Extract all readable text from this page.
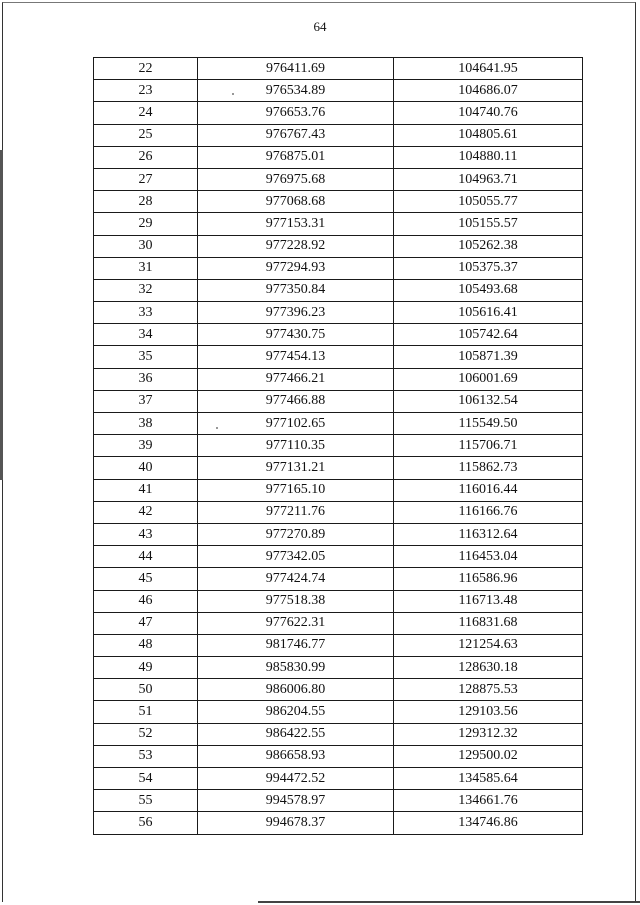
64
22	976411.69	104641.95
23	976534.89	104686.07
24	976653.76	104740.76
25	976767.43	104805.61
26	976875.01	104880.11
27	976975.68	104963.71
28	977068.68	105055.77
29	977153.31	105155.57
30	977228.92	105262.38
31	977294.93	105375.37
32	977350.84	105493.68
33	977396.23	105616.41
34	977430.75	105742.64
35	977454.13	105871.39
36	977466.21	106001.69
37	977466.88	106132.54
38	977102.65	115549.50
39	977110.35	115706.71
40	977131.21	115862.73
41	977165.10	116016.44
42	977211.76	116166.76
43	977270.89	116312.64
44	977342.05	116453.04
45	977424.74	116586.96
46	977518.38	116713.48
47	977622.31	116831.68
48	981746.77	121254.63
49	985830.99	128630.18
50	986006.80	128875.53
51	986204.55	129103.56
52	986422.55	129312.32
53	986658.93	129500.02
54	994472.52	134585.64
55	994578.97	134661.76
56	994678.37	134746.86
